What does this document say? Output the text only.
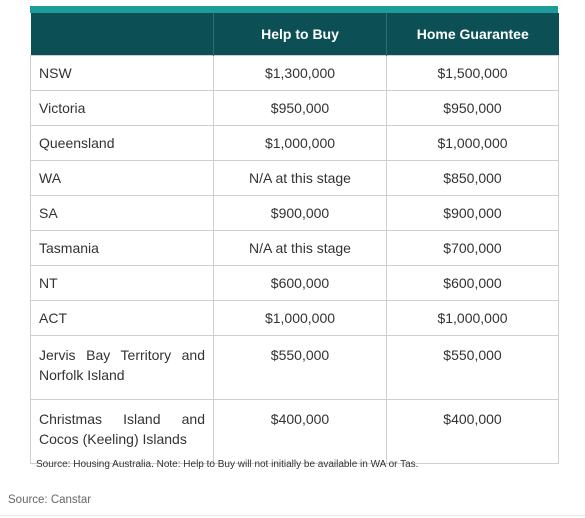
	Help to Buy	Home Guarantee
NSW	$1,300,000	$1,500,000
Victoria	$950,000	$950,000
Queensland	$1,000,000	$1,000,000
WA	N/A at this stage	$850,000
SA	$900,000	$900,000
Tasmania	N/A at this stage	$700,000
NT	$600,000	$600,000
ACT	$1,000,000	$1,000,000
Jervis Bay Territory and Norfolk Island	$550,000	$550,000
Christmas Island and Cocos (Keeling) Islands	$400,000	$400,000
Source: Housing Australia. Note: Help to Buy will not initially be available in WA or Tas.
Source: Canstar
